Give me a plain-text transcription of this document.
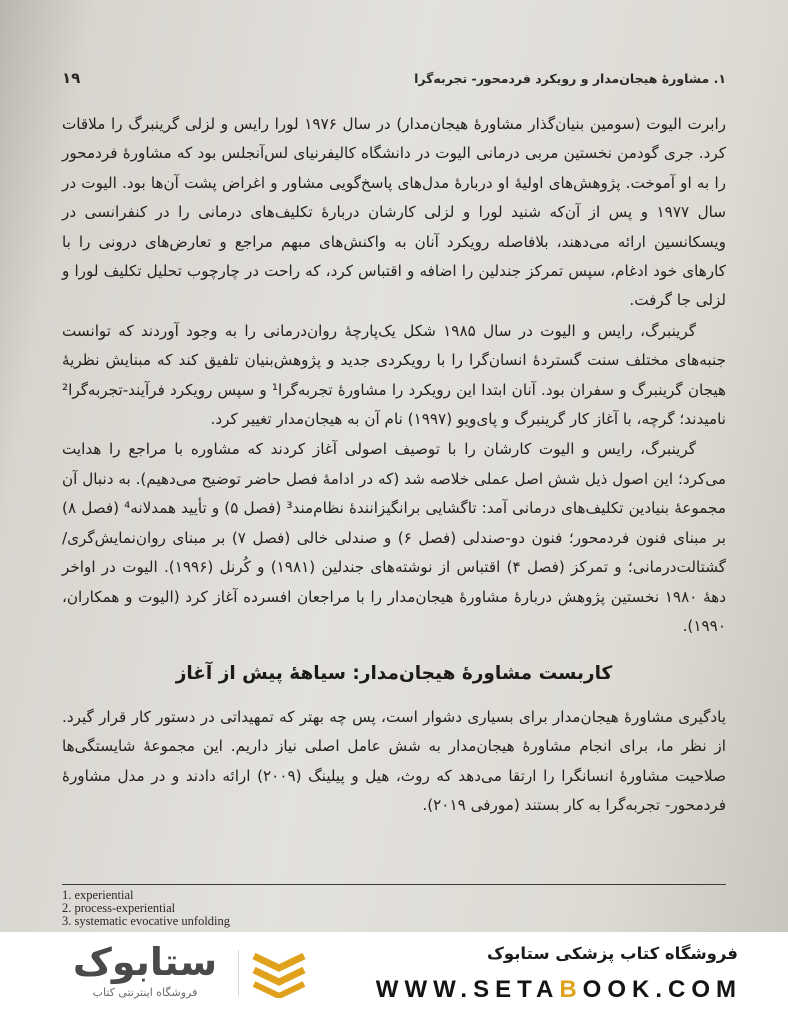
۱. مشاورهٔ هیجان‌مدار و رویکرد فردمحور- تجربه‌گرا
۱۹

رابرت الیوت (سومین بنیان‌گذار مشاورهٔ هیجان‌مدار) در سال ۱۹۷۶ لورا رایس و لزلی گرینبرگ را ملاقات کرد. جری گودمن نخستین مربی درمانی الیوت در دانشگاه کالیفرنیای لس‌آنجلس بود که مشاورهٔ فردمحور را به او آموخت. پژوهش‌های اولیهٔ او دربارهٔ مدل‌های پاسخ‌گویی مشاور و اغراض پشت آن‌ها بود. الیوت در سال ۱۹۷۷ و پس از آن‌که شنید لورا و لزلی کارشان دربارهٔ تکلیف‌های درمانی را در کنفرانسی در ویسکانسین ارائه می‌دهند، بلافاصله رویکرد آنان به واکنش‌های مبهم مراجع و تعارض‌های درونی را با کارهای خود ادغام، سپس تمرکز جندلین را اضافه و اقتباس کرد، که راحت در چارچوب تحلیل تکلیف لورا و لزلی جا گرفت.

گرینبرگ، رایس و الیوت در سال ۱۹۸۵ شکل یک‌پارچهٔ روان‌درمانی را به وجود آوردند که توانست جنبه‌های مختلف سنت گستردهٔ انسان‌گرا را با رویکردی جدید و پژوهش‌بنیان تلفیق کند که مبنایش نظریهٔ هیجان گرینبرگ و سفران بود. آنان ابتدا این رویکرد را مشاورهٔ تجربه‌گرا¹ و سپس رویکرد فرآیند-تجربه‌گرا² نامیدند؛ گرچه، با آغاز کار گرینبرگ و پای‌ویو (۱۹۹۷) نام آن به هیجان‌مدار تغییر کرد.

گرینبرگ، رایس و الیوت کارشان را با توصیف اصولی آغاز کردند که مشاوره با مراجع را هدایت می‌کرد؛ این اصول ذیل شش اصل عملی خلاصه شد (که در ادامهٔ فصل حاضر توضیح می‌دهیم). به دنبال آن مجموعهٔ بنیادین تکلیف‌های درمانی آمد: تاگشایی برانگیزانندهٔ نظام‌مند³ (فصل ۵) و تأیید همدلانه⁴ (فصل ۸) بر مبنای فنون فردمحور؛ فنون دو-صندلی (فصل ۶) و صندلی خالی (فصل ۷) بر مبنای روان‌نمایش‌گری/ گشتالت‌درمانی؛ و تمرکز (فصل ۴) اقتباس از نوشته‌های جندلین (۱۹۸۱) و کُرنل (۱۹۹۶). الیوت در اواخر دههٔ ۱۹۸۰ نخستین پژوهش دربارهٔ مشاورهٔ هیجان‌مدار را با مراجعان افسرده آغاز کرد (الیوت و همکاران، ۱۹۹۰).

کاربست مشاورهٔ هیجان‌مدار: سیاههٔ پیش از آغاز

یادگیری مشاورهٔ هیجان‌مدار برای بسیاری دشوار است، پس چه بهتر که تمهیداتی در دستور کار قرار گیرد. از نظر ما، برای انجام مشاورهٔ هیجان‌مدار به شش عامل اصلی نیاز داریم. این مجموعهٔ شایستگی‌ها صلاحیت مشاورهٔ انسانگرا را ارتقا می‌دهد که روث، هیل و پیلینگ (۲۰۰۹) ارائه دادند و در مدل مشاورهٔ فردمحور- تجربه‌گرا به کار بستند (مورفی ۲۰۱۹).

1. experiential
2. process-experiential
3. systematic evocative unfolding
ستابوک
فروشگاه اینترنتی کتاب
فروشگاه کتاب پزشکی ستابوک
WWW.SETABOOK.COM
